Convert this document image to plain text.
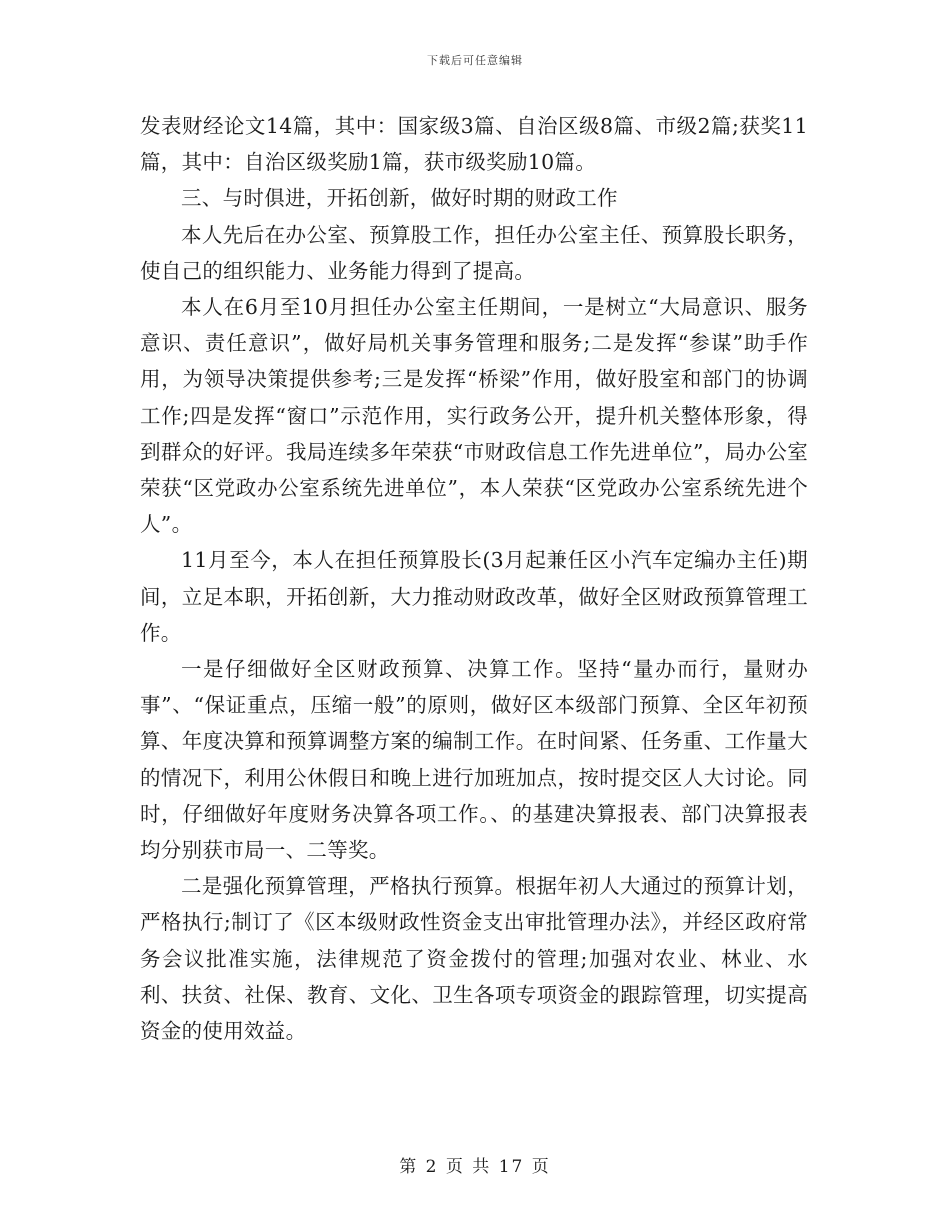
下载后可任意编辑

发表财经论文14篇，其中：国家级3篇、自治区级8篇、市级2篇;获奖11 篇，其中：自治区级奖励1篇，获市级奖励10篇。

三、与时俱进，开拓创新，做好时期的财政工作

本人先后在办公室、预算股工作，担任办公室主任、预算股长职务，使自己的组织能力、业务能力得到了提高。

本人在6月至10月担任办公室主任期间，一是树立“大局意识、服务意识、责任意识”，做好局机关事务管理和服务;二是发挥“参谋”助手作用，为领导决策提供参考;三是发挥“桥梁”作用，做好股室和部门的协调工作;四是发挥“窗口”示范作用，实行政务公开，提升机关整体形象，得到群众的好评。我局连续多年荣获“市财政信息工作先进单位”，局办公室荣获“区党政办公室系统先进单位”，本人荣获“区党政办公室系统先进个人”。

11月至今，本人在担任预算股长(3月起兼任区小汽车定编办主任)期间，立足本职，开拓创新，大力推动财政改革，做好全区财政预算管理工作。

一是仔细做好全区财政预算、决算工作。坚持“量办而行，量财办事”、“保证重点，压缩一般”的原则，做好区本级部门预算、全区年初预算、年度决算和预算调整方案的编制工作。在时间紧、任务重、工作量大的情况下，利用公休假日和晚上进行加班加点，按时提交区人大讨论。同时，仔细做好年度财务决算各项工作。、的基建决算报表、部门决算报表均分别获市局一、二等奖。

二是强化预算管理，严格执行预算。根据年初人大通过的预算计划，严格执行;制订了《区本级财政性资金支出审批管理办法》，并经区政府常务会议批准实施，法律规范了资金拨付的管理;加强对农业、林业、水利、扶贫、社保、教育、文化、卫生各项专项资金的跟踪管理，切实提高资金的使用效益。

第 2 页 共 17 页
